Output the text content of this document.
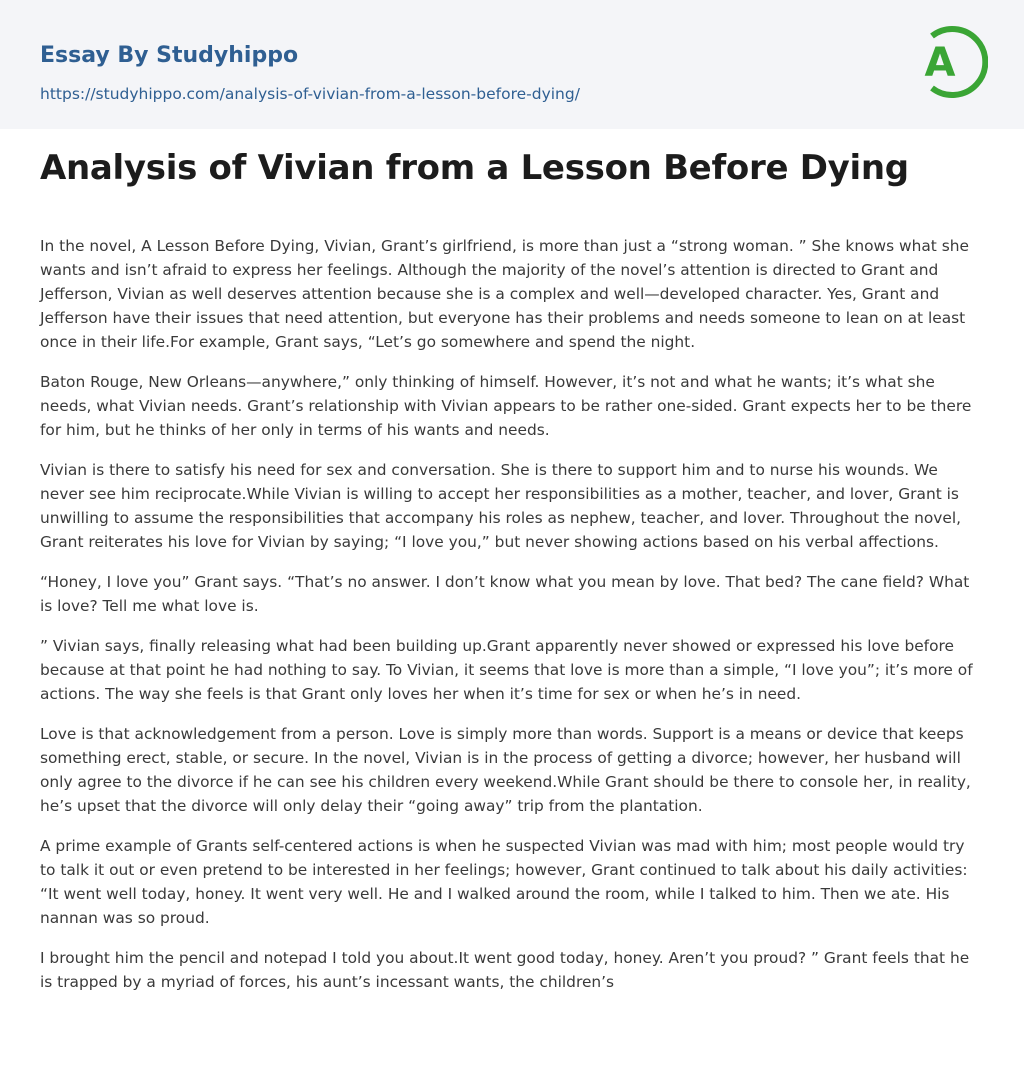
Essay By Studyhippo
https://studyhippo.com/analysis-of-vivian-from-a-lesson-before-dying/
A
Analysis of Vivian from a Lesson Before Dying

In the novel, A Lesson Before Dying, Vivian, Grant’s girlfriend, is more than just a “strong woman. ” She knows what she wants and isn’t afraid to express her feelings. Although the majority of the novel’s attention is directed to Grant and Jefferson, Vivian as well deserves attention because she is a complex and well—developed character. Yes, Grant and Jefferson have their issues that need attention, but everyone has their problems and needs someone to lean on at least once in their life.For example, Grant says, “Let’s go somewhere and spend the night.

Baton Rouge, New Orleans—anywhere,” only thinking of himself. However, it’s not and what he wants; it’s what she needs, what Vivian needs. Grant’s relationship with Vivian appears to be rather one-sided. Grant expects her to be there for him, but he thinks of her only in terms of his wants and needs.

Vivian is there to satisfy his need for sex and conversation. She is there to support him and to nurse his wounds. We never see him reciprocate.While Vivian is willing to accept her responsibilities as a mother, teacher, and lover, Grant is unwilling to assume the responsibilities that accompany his roles as nephew, teacher, and lover. Throughout the novel, Grant reiterates his love for Vivian by saying; “I love you,” but never showing actions based on his verbal affections.

“Honey, I love you” Grant says. “That’s no answer. I don’t know what you mean by love. That bed? The cane field? What is love? Tell me what love is.

” Vivian says, finally releasing what had been building up.Grant apparently never showed or expressed his love before because at that point he had nothing to say. To Vivian, it seems that love is more than a simple, “I love you”; it’s more of actions. The way she feels is that Grant only loves her when it’s time for sex or when he’s in need.

Love is that acknowledgement from a person. Love is simply more than words. Support is a means or device that keeps something erect, stable, or secure. In the novel, Vivian is in the process of getting a divorce; however, her husband will only agree to the divorce if he can see his children every weekend.While Grant should be there to console her, in reality, he’s upset that the divorce will only delay their “going away” trip from the plantation.

A prime example of Grants self-centered actions is when he suspected Vivian was mad with him; most people would try to talk it out or even pretend to be interested in her feelings; however, Grant continued to talk about his daily activities: “It went well today, honey. It went very well. He and I walked around the room, while I talked to him. Then we ate. His nannan was so proud.

I brought him the pencil and notepad I told you about.It went good today, honey. Aren’t you proud? ” Grant feels that he is trapped by a myriad of forces, his aunt’s incessant wants, the children’s
